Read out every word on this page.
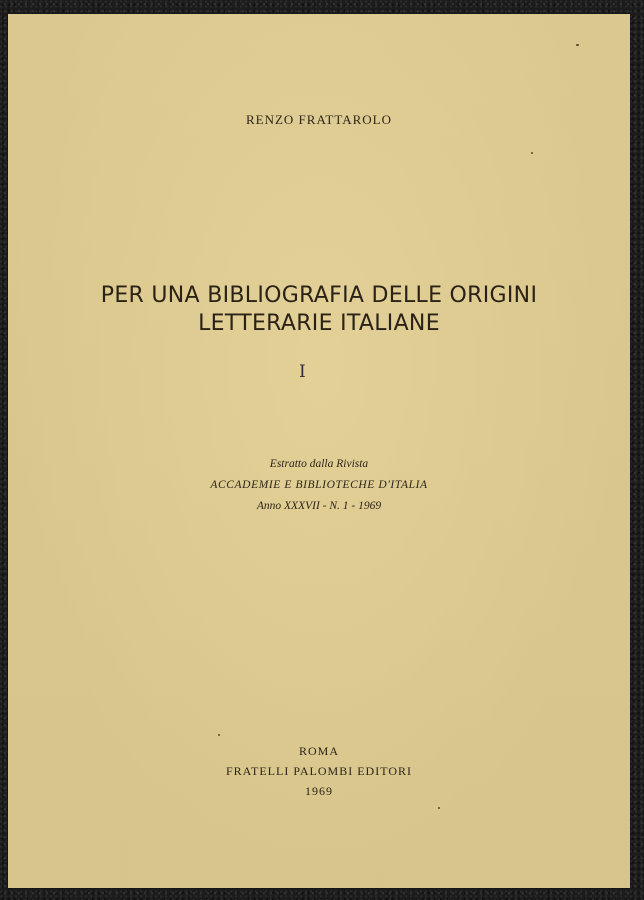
RENZO FRATTAROLO
PER UNA BIBLIOGRAFIA DELLE ORIGINI
LETTERARIE ITALIANE
I
Estratto dalla Rivista
ACCADEMIE E BIBLIOTECHE D'ITALIA
Anno XXXVII - N. 1 - 1969
ROMA
FRATELLI PALOMBI EDITORI
1969
